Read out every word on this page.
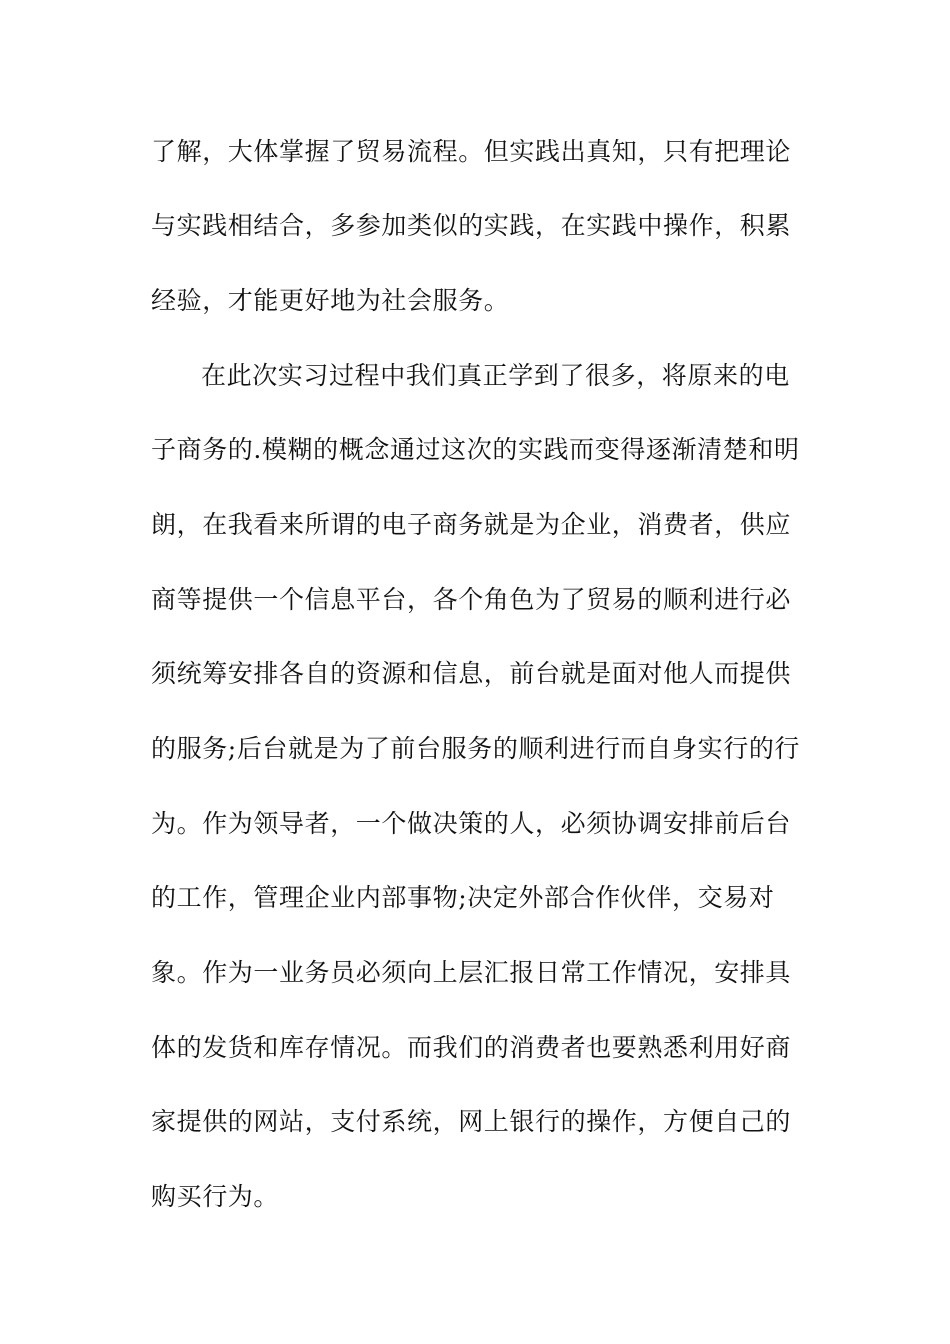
了解，大体掌握了贸易流程。但实践出真知，只有把理论
与实践相结合，多参加类似的实践，在实践中操作，积累
经验，才能更好地为社会服务。
在此次实习过程中我们真正学到了很多，将原来的电
子商务的.模糊的概念通过这次的实践而变得逐渐清楚和明
朗，在我看来所谓的电子商务就是为企业，消费者，供应
商等提供一个信息平台，各个角色为了贸易的顺利进行必
须统筹安排各自的资源和信息，前台就是面对他人而提供
的服务;后台就是为了前台服务的顺利进行而自身实行的行
为。作为领导者，一个做决策的人，必须协调安排前后台
的工作，管理企业内部事物;决定外部合作伙伴，交易对
象。作为一业务员必须向上层汇报日常工作情况，安排具
体的发货和库存情况。而我们的消费者也要熟悉利用好商
家提供的网站，支付系统，网上银行的操作，方便自己的
购买行为。
